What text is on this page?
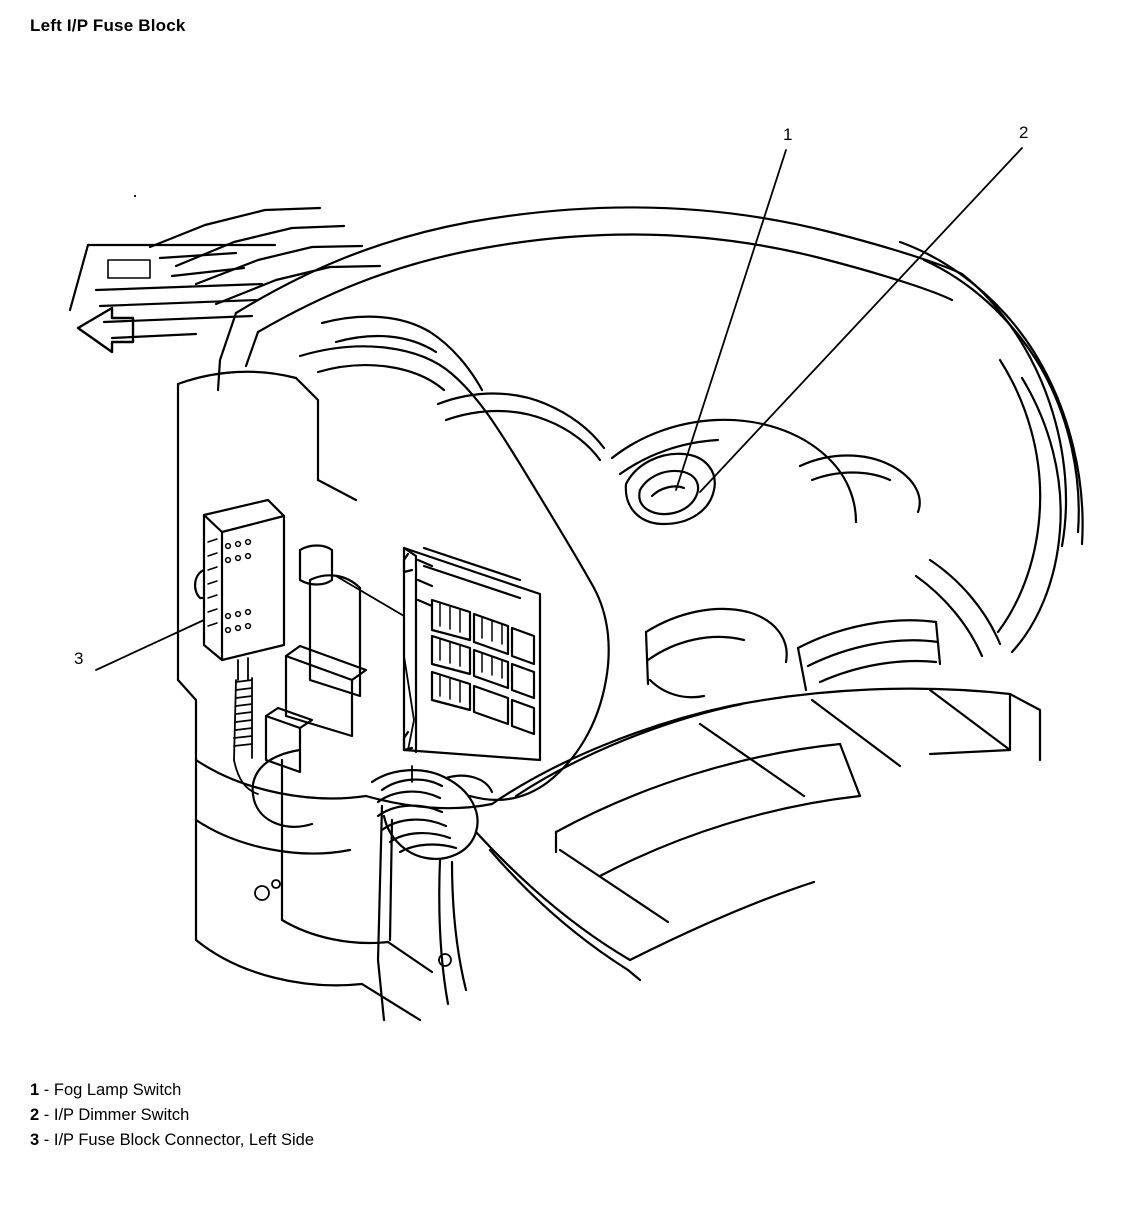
Left I/P Fuse Block
1	2
3
1 - Fog Lamp Switch
2 - I/P Dimmer Switch
3 - I/P Fuse Block Connector, Left Side
